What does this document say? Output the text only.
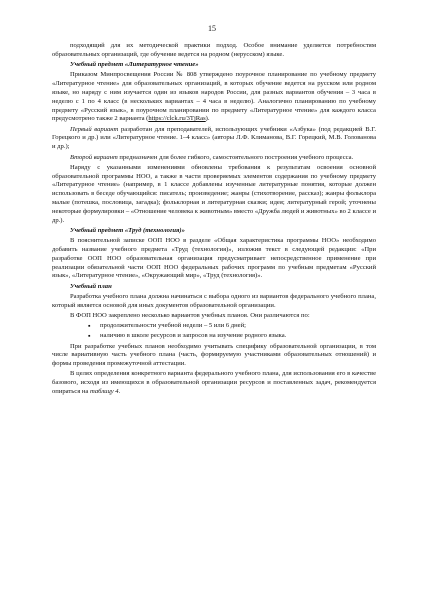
15

подходящий для их методической практики подход. Особое внимание уделяется потребностям образовательных организаций, где обучение ведется на родном (нерусском) языке.

Учебный предмет «Литературное чтение»

Приказом Минпросвещения России № 808 утверждено поурочное планирование по учебному предмету «Литературное чтение» для образовательных организаций, в которых обучение ведется на русском или родном языке, но наряду с ним изучается один из языков народов России, для разных вариантов обучения – 3 часа в неделю с 1 по 4 класс (в нескольких вариантах – 4 часа в неделю). Аналогично планированию по учебному предмету «Русский язык», в поурочном планировании по предмету «Литературное чтение» для каждого класса предусмотрено также 2 варианта (https://clck.ru/3TjRas).

Первый вариант разработан для преподавателей, использующих учебники «Азбука» (под редакцией В.Г. Горецкого и др.) или «Литературное чтение. 1–4 класс» (авторы Л.Ф. Климанова, В.Г. Горецкий, М.В. Голованова и др.);

Второй вариант предназначен для более гибкого, самостоятельного построения учебного процесса.

Наряду с указанными изменениями обновлены требования к результатам освоения основной образовательной программы НОО, а также в части проверяемых элементов содержания по учебному предмету «Литературное чтение» (например, в 1 классе добавлены изученные литературные понятия, которые должен использовать в беседе обучающийся: писатель; произведение; жанры (стихотворение, рассказ); жанры фольклора малые (потешка, пословица, загадка); фольклорная и литературная сказки; идея; литературный герой; уточнены некоторые формулировки – «Отношение человека к животным» вместо «Дружба людей и животных» во 2 классе и др.).

Учебный предмет «Труд (технология)»

В пояснительной записке ООП НОО в разделе «Общая характеристика программы НОО» необходимо добавить название учебного предмета «Труд (технология)», изложив текст в следующей редакции: «При разработке ООП НОО образовательная организация предусматривает непосредственное применение при реализации обязательной части ООП НОО федеральных рабочих программ по учебным предметам «Русский язык», «Литературное чтение», «Окружающий мир», «Труд (технология)».

Учебный план

Разработка учебного плана должна начинаться с выбора одного из вариантов федерального учебного плана, который является основой для иных документов образовательной организации.

В ФОП НОО закреплено несколько вариантов учебных планов. Они различаются по:

▪ продолжительности учебной недели – 5 или 6 дней;
▪ наличию в школе ресурсов и запросов на изучение родного языка.

При разработке учебных планов необходимо учитывать специфику образовательной организации, в том числе вариативную часть учебного плана (часть, формируемую участниками образовательных отношений) и формы проведения промежуточной аттестации.

В целях определения конкретного варианта федерального учебного плана, для использования его в качестве базового, исходя из имеющихся в образовательной организации ресурсов и поставленных задач, рекомендуется опираться на таблицу 4.
